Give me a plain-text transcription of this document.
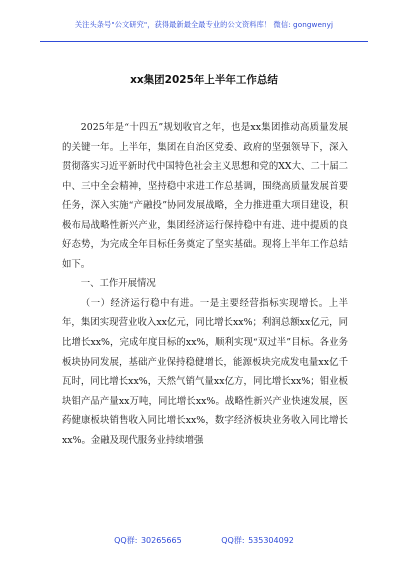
关注头条号"公文研究"，获得最新最全最专业的公文资料库！ 微信: gongwenyj
xx集团2025年上半年工作总结

2025年是“十四五”规划收官之年，也是xx集团推动高质量发展的关键一年。上半年，集团在自治区党委、政府的坚强领导下，深入贯彻落实习近平新时代中国特色社会主义思想和党的XX大、二十届二中、三中全会精神，坚持稳中求进工作总基调，围绕高质量发展首要任务，深入实施“产融投”协同发展战略，全力推进重大项目建设，积极布局战略性新兴产业，集团经济运行保持稳中有进、进中提质的良好态势，为完成全年目标任务奠定了坚实基础。现将上半年工作总结如下。

一、工作开展情况

（一）经济运行稳中有进。一是主要经营指标实现增长。上半年，集团实现营业收入xx亿元，同比增长xx%；利润总额xx亿元，同比增长xx%，完成年度目标的xx%，顺利实现“双过半”目标。各业务板块协同发展，基础产业保持稳健增长，能源板块完成发电量xx亿千瓦时，同比增长xx%，天然气销气量xx亿方，同比增长xx%；钼业板块钼产品产量xx万吨，同比增长xx%。战略性新兴产业快速发展，医药健康板块销售收入同比增长xx%，数字经济板块业务收入同比增长xx%。金融及现代服务业持续增强

QQ群: 30265665	QQ群: 535304092
